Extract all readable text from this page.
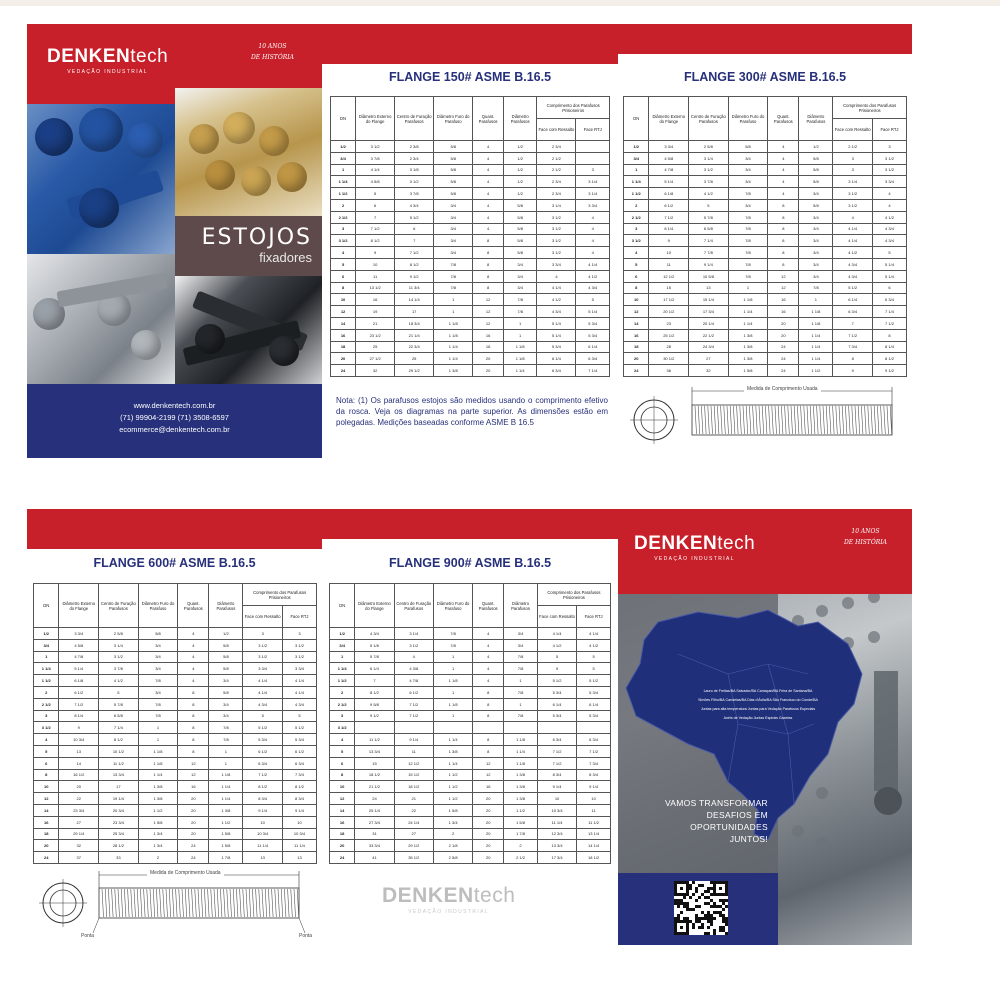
DENKENtech
VEDAÇÃO INDUSTRIAL
10 ANOS
DE HISTÓRIA
ESTOJOS
fixadores
www.denkentech.com.br
(71) 99904-2199 (71) 3508-6597
ecommerce@denkentech.com.br
FLANGE 150# ASME B.16.5
DN	Diâmetro Externo do Flange	Centro de Furação Parafusos	Diâmetro Furo do Parafuso	Quant. Parafusos	Diâmetro Parafusos	Comprimento dos Parafusos Prisioneiros	
						Face com Ressalto	Face RTJ
1/2	3 1/2	2 3/8	5/8	4	1/2	2 3/4	
3/4	3 7/8	2 3/4	5/8	4	1/2	2 1/2	
1	4 1/4	3 1/8	5/8	4	1/2	2 1/2	3
1 1/4	4 5/8	3 1/2	5/8	4	1/2	2 3/4	3 1/4
1 1/2	5	3 7/8	5/8	4	1/2	2 3/4	3 1/4
2	6	4 3/4	3/4	4	5/8	3 1/4	3 3/4
2 1/2	7	5 1/2	3/4	4	5/8	3 1/2	4
3	7 1/2	6	3/4	4	5/8	3 1/2	4
3 1/2	8 1/2	7	3/4	8	5/8	3 1/2	4
4	9	7 1/2	3/4	8	5/8	3 1/2	4
5	10	8 1/2	7/8	8	3/4	3 3/4	4 1/4
6	11	9 1/2	7/8	8	3/4	4	4 1/2
8	13 1/2	11 3/4	7/8	8	3/4	4 1/4	4 3/4
10	16	14 1/4	1	12	7/8	4 1/2	5
12	19	17	1	12	7/8	4 3/4	5 1/4
14	21	18 3/4	1 1/8	12	1	5 1/4	5 3/4
16	23 1/2	21 1/4	1 1/8	16	1	5 1/4	5 3/4
18	25	22 3/4	1 1/4	16	1 1/8	5 3/4	6 1/4
20	27 1/2	25	1 1/4	20	1 1/8	6 1/4	6 3/4
24	32	29 1/2	1 3/8	20	1 1/4	6 3/4	7 1/4
Nota: (1) Os parafusos estojos são medidos usando o comprimento efetivo da rosca. Veja os diagramas na parte superior. As dimensões estão em polegadas. Medições baseadas conforme ASME B 16.5
FLANGE 300# ASME B.16.5
DN	Diâmetro Externo do Flange	Centro de Furação Parafusos	Diâmetro Furo do Parafuso	Quant. Parafusos	Diâmetro Parafusos	Comprimento dos Parafusos Prisioneiros	
						Face com Ressalto	Face RTJ
1/2	3 3/4	2 5/8	5/8	4	1/2	2 1/2	3
3/4	4 5/8	3 1/4	3/4	4	5/8	3	3 1/2
1	4 7/8	3 1/2	3/4	4	5/8	3	3 1/2
1 1/4	5 1/4	3 7/8	3/4	4	5/8	3 1/4	3 3/4
1 1/2	6 1/8	4 1/2	7/8	4	3/4	3 1/2	4
2	6 1/2	5	3/4	8	5/8	3 1/2	4
2 1/2	7 1/2	5 7/8	7/8	8	3/4	4	4 1/2
3	8 1/4	6 5/8	7/8	8	3/4	4 1/4	4 3/4
3 1/2	9	7 1/4	7/8	8	3/4	4 1/4	4 3/4
4	10	7 7/8	7/8	8	3/4	4 1/2	5
5	11	9 1/4	7/8	8	3/4	4 3/4	5 1/4
6	12 1/2	10 5/8	7/8	12	3/4	4 3/4	5 1/4
8	15	13	1	12	7/8	5 1/2	6
10	17 1/2	15 1/4	1 1/8	16	1	6 1/4	6 3/4
12	20 1/2	17 3/4	1 1/4	16	1 1/8	6 3/4	7 1/4
14	23	20 1/4	1 1/4	20	1 1/8	7	7 1/2
16	25 1/2	22 1/2	1 3/8	20	1 1/4	7 1/2	8
18	28	24 3/4	1 3/8	24	1 1/4	7 3/4	8 1/4
20	30 1/2	27	1 3/8	24	1 1/4	8	8 1/2
24	36	32	1 5/8	24	1 1/2	9	9 1/2
Medida de Comprimento Usada
FLANGE 600# ASME B.16.5
DN	Diâmetro Externo do Flange	Centro de Furação Parafusos	Diâmetro Furo do Parafuso	Quant. Parafusos	Diâmetro Parafusos	Comprimento dos Parafusos Prisioneiros	
						Face com Ressalto	Face RTJ
1/2	3 3/4	2 5/8	5/8	4	1/2	3	3
3/4	4 5/8	3 1/4	3/4	4	5/8	3 1/2	3 1/2
1	4 7/8	3 1/2	3/4	4	5/8	3 1/2	3 1/2
1 1/4	5 1/4	3 7/8	3/4	4	5/8	3 3/4	3 3/4
1 1/2	6 1/8	4 1/2	7/8	4	3/4	4 1/4	4 1/4
2	6 1/2	5	3/4	8	5/8	4 1/4	4 1/4
2 1/2	7 1/2	5 7/8	7/8	8	3/4	4 3/4	4 3/4
3	8 1/4	6 5/8	7/8	8	3/4	5	5
3 1/2	9	7 1/4	1	8	7/8	5 1/2	5 1/2
4	10 3/4	8 1/2	1	8	7/8	5 3/4	5 3/4
5	13	10 1/2	1 1/8	8	1	6 1/2	6 1/2
6	14	11 1/2	1 1/8	12	1	6 3/4	6 3/4
8	16 1/2	13 3/4	1 1/4	12	1 1/8	7 1/2	7 3/4
10	20	17	1 3/8	16	1 1/4	8 1/2	8 1/2
12	22	19 1/4	1 3/8	20	1 1/4	8 3/4	8 3/4
14	23 3/4	20 3/4	1 1/2	20	1 3/8	9 1/4	9 1/4
16	27	23 3/4	1 5/8	20	1 1/2	10	10
18	29 1/4	25 3/4	1 3/4	20	1 5/8	10 3/4	10 3/4
20	32	28 1/2	1 3/4	24	1 5/8	11 1/4	11 1/4
24	37	33	2	24	1 7/8	13	13
Medida de Comprimento Usada
Ponta	Ponta
FLANGE 900# ASME B.16.5
DN	Diâmetro Externo do Flange	Centro de Furação Parafusos	Diâmetro Furo do Parafuso	Quant. Parafusos	Diâmetro Parafusos	Comprimento dos Parafusos Prisioneiros	
						Face com Ressalto	Face RTJ
1/2	4 3/4	3 1/4	7/8	4	3/4	4 1/4	4 1/4
3/4	5 1/8	3 1/2	7/8	4	3/4	4 1/2	4 1/2
1	5 7/8	4	1	4	7/8	5	5
1 1/4	6 1/4	4 3/8	1	4	7/8	5	5
1 1/2	7	4 7/8	1 1/8	4	1	5 1/2	5 1/2
2	8 1/2	6 1/2	1	8	7/8	5 3/4	5 3/4
2 1/2	9 5/8	7 1/2	1 1/8	8	1	6 1/4	6 1/4
3	9 1/2	7 1/2	1	8	7/8	5 3/4	5 3/4
3 1/2							
4	11 1/2	9 1/4	1 1/4	8	1 1/8	6 3/4	6 3/4
5	13 3/4	11	1 3/8	8	1 1/4	7 1/2	7 1/2
6	15	12 1/2	1 1/4	12	1 1/8	7 1/2	7 3/4
8	18 1/2	15 1/2	1 1/2	12	1 3/8	8 3/4	8 3/4
10	21 1/2	18 1/2	1 1/2	16	1 3/8	9 1/4	9 1/4
12	24	21	1 1/2	20	1 3/8	10	10
14	25 1/4	22	1 5/8	20	1 1/2	10 3/4	11
16	27 3/4	24 1/4	1 3/4	20	1 5/8	11 1/4	11 1/2
18	31	27	2	20	1 7/8	12 3/4	13 1/4
20	33 3/4	29 1/2	2 1/8	20	2	13 3/4	14 1/4
24	41	35 1/2	2 5/8	20	2 1/2	17 3/4	18 1/2
DENKENtech
VEDAÇÃO INDUSTRIAL
DENKENtech
VEDAÇÃO INDUSTRIAL
10 ANOS
DE HISTÓRIA
Lauro de Freitas/BA Salvador/BA Camaçari/BA Feira de Santana/BA
Simões Filho/BA Candeias/BA Dias d'Ávila/BA São Francisco do Conde/BA
Juntas para alta temperatura Juntas para Vedação Parafusos Especiais
Anéis de Vedação Juntas Espirais Gaxetas
VAMOS TRANSFORMAR
DESAFIOS EM
OPORTUNIDADES
JUNTOS!
